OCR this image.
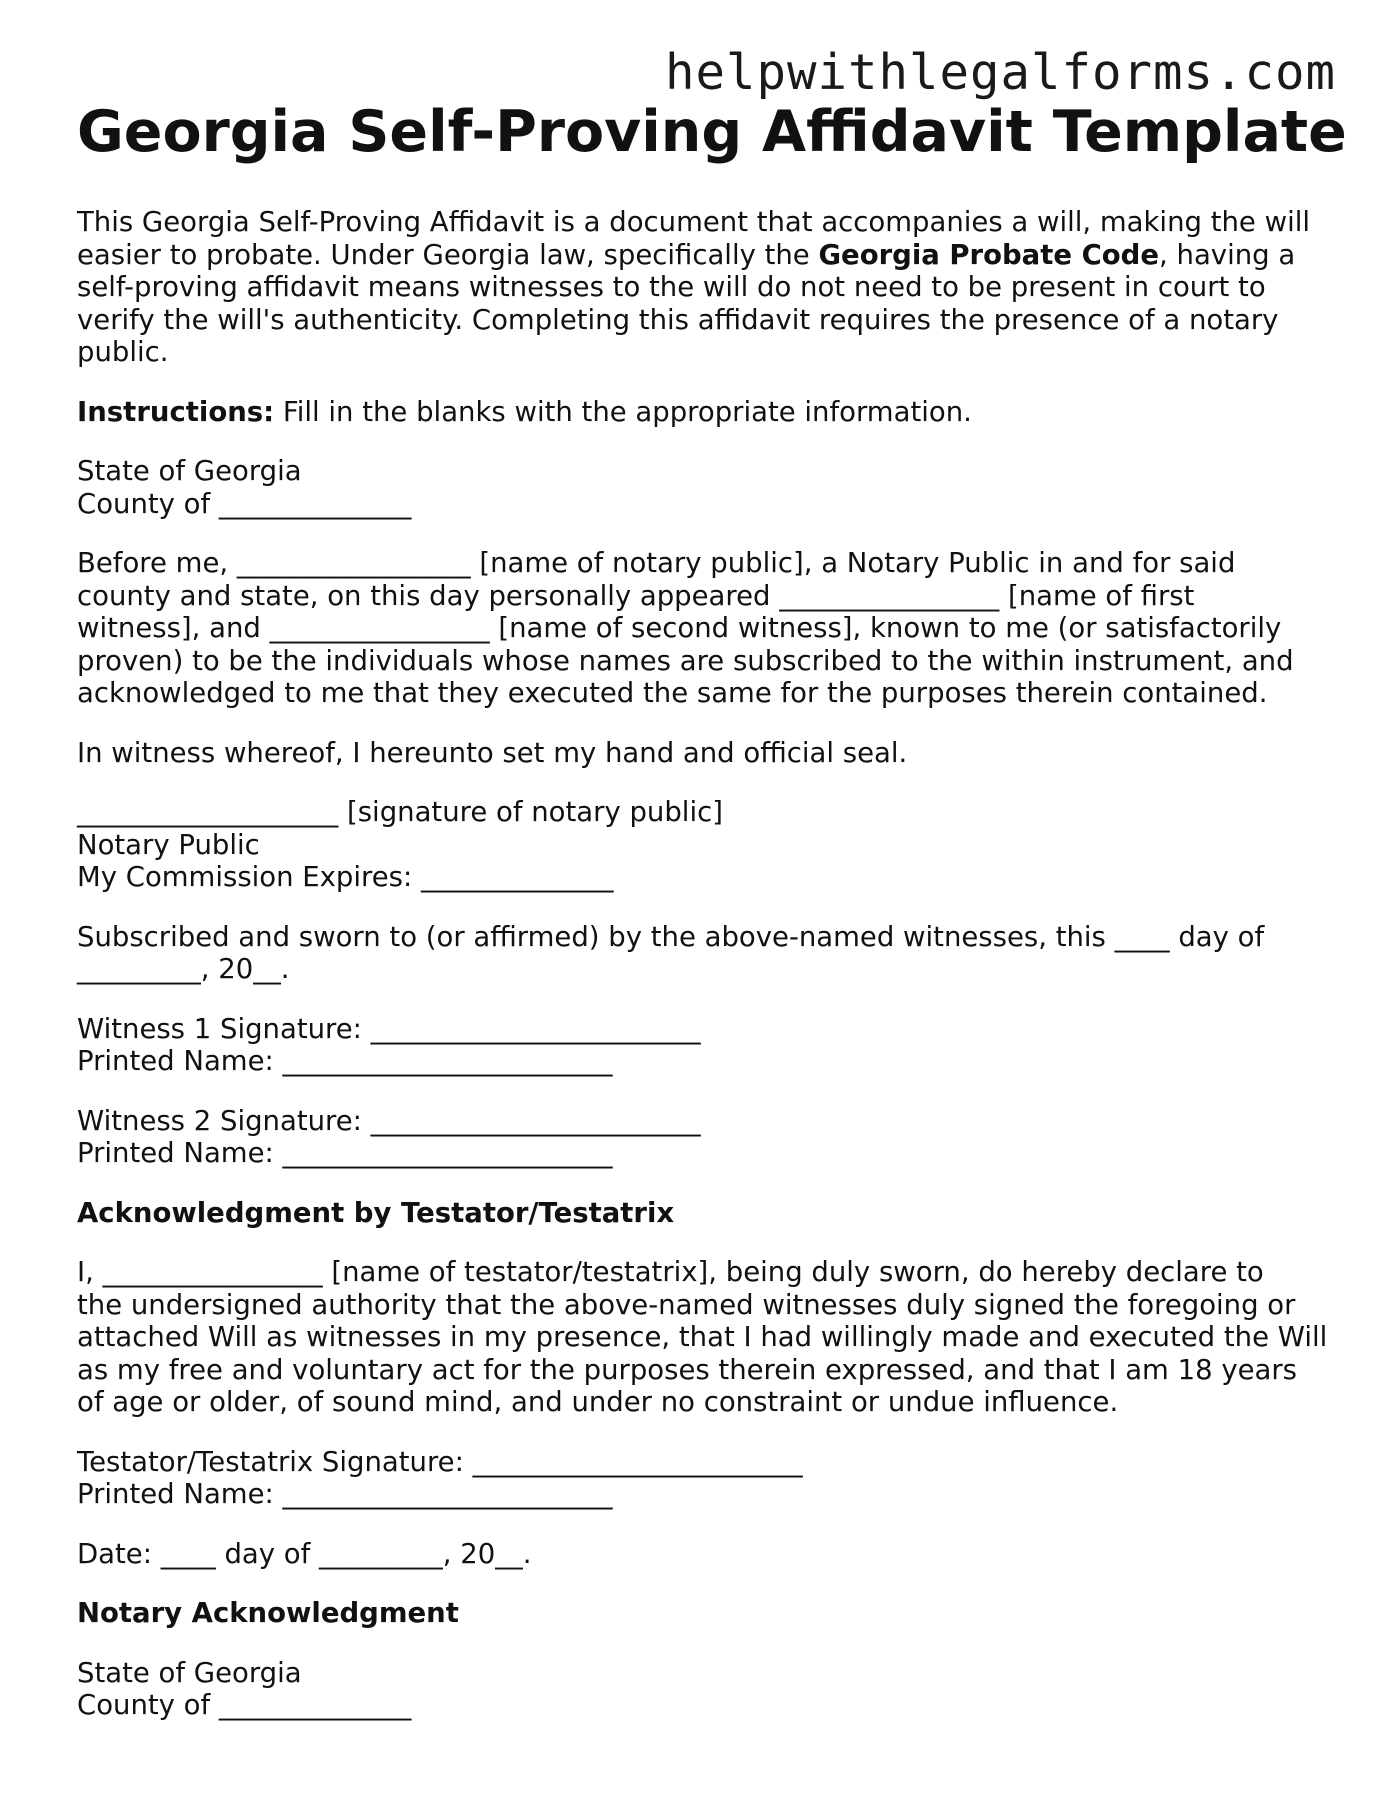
helpwithlegalforms.com
Georgia Self-Proving Affidavit Template

This Georgia Self-Proving Affidavit is a document that accompanies a will, making the will
easier to probate. Under Georgia law, specifically the Georgia Probate Code, having a
self-proving affidavit means witnesses to the will do not need to be present in court to
verify the will's authenticity. Completing this affidavit requires the presence of a notary
public.

Instructions: Fill in the blanks with the appropriate information.

State of Georgia
County of ______________

Before me, _________________ [name of notary public], a Notary Public in and for said
county and state, on this day personally appeared ________________ [name of first
witness], and ________________ [name of second witness], known to me (or satisfactorily
proven) to be the individuals whose names are subscribed to the within instrument, and
acknowledged to me that they executed the same for the purposes therein contained.

In witness whereof, I hereunto set my hand and official seal.

___________________ [signature of notary public]
Notary Public
My Commission Expires: ______________

Subscribed and sworn to (or affirmed) by the above-named witnesses, this ____ day of
_________, 20__.

Witness 1 Signature: ________________________
Printed Name: ________________________

Witness 2 Signature: ________________________
Printed Name: ________________________

Acknowledgment by Testator/Testatrix

I, ________________ [name of testator/testatrix], being duly sworn, do hereby declare to
the undersigned authority that the above-named witnesses duly signed the foregoing or
attached Will as witnesses in my presence, that I had willingly made and executed the Will
as my free and voluntary act for the purposes therein expressed, and that I am 18 years
of age or older, of sound mind, and under no constraint or undue influence.

Testator/Testatrix Signature: ________________________
Printed Name: ________________________

Date: ____ day of _________, 20__.

Notary Acknowledgment

State of Georgia
County of ______________
